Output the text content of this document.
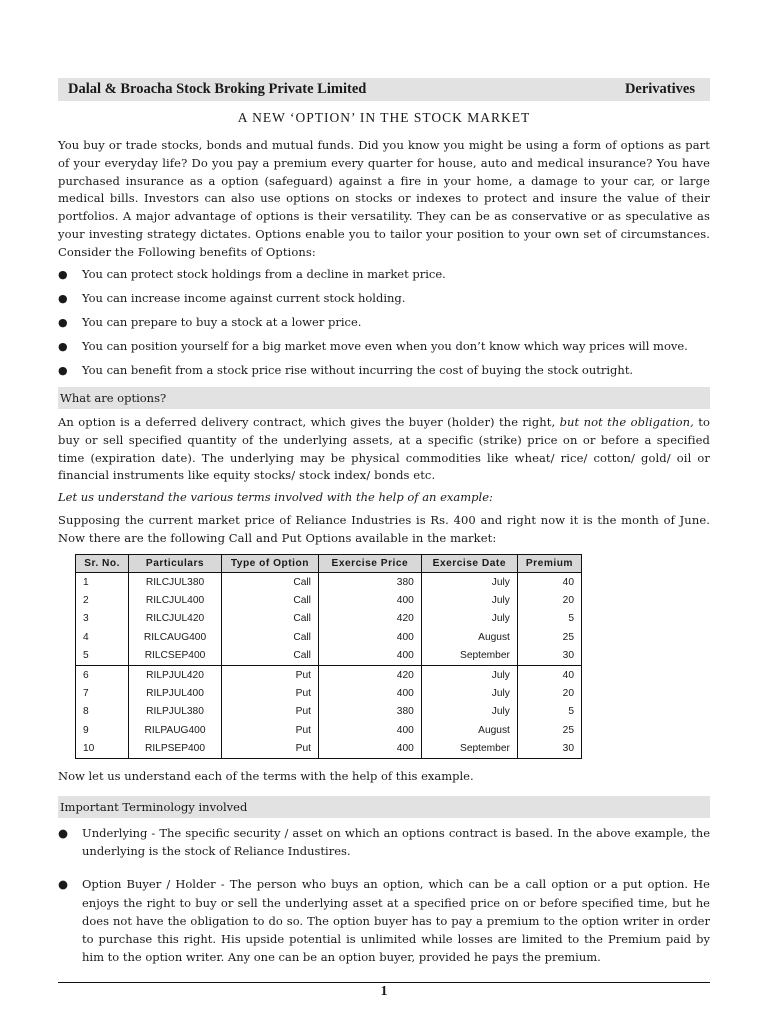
Dalal & Broacha Stock Broking Private Limited	Derivatives
A NEW ‘OPTION’ IN THE STOCK MARKET
You buy or trade stocks, bonds and mutual funds. Did you know you might be using a form of options as part of your everyday life? Do you pay a premium every quarter for house, auto and medical insurance? You have purchased insurance as a option (safeguard) against a fire in your home, a damage to your car, or large medical bills. Investors can also use options on stocks or indexes to protect and insure the value of their portfolios. A major advantage of options is their versatility. They can be as conservative or as speculative as your investing strategy dictates. Options enable you to tailor your position to your own set of circumstances. Consider the Following benefits of Options:
● You can protect stock holdings from a decline in market price.
● You can increase income against current stock holding.
● You can prepare to buy a stock at a lower price.
● You can position yourself for a big market move even when you don’t know which way prices will move.
● You can benefit from a stock price rise without incurring the cost of buying the stock outright.
What are options?
An option is a deferred delivery contract, which gives the buyer (holder) the right, but not the obligation, to buy or sell specified quantity of the underlying assets, at a specific (strike) price on or before a specified time (expiration date). The underlying may be physical commodities like wheat/ rice/ cotton/ gold/ oil or financial instruments like equity stocks/ stock index/ bonds etc.
Let us understand the various terms involved with the help of an example:
Supposing the current market price of Reliance Industries is Rs. 400 and right now it is the month of June. Now there are the following Call and Put Options available in the market:
Sr. No.	Particulars	Type of Option	Exercise Price	Exercise Date	Premium
1	RILCJUL380	Call	380	July	40
2	RILCJUL400	Call	400	July	20
3	RILCJUL420	Call	420	July	5
4	RILCAUG400	Call	400	August	25
5	RILCSEP400	Call	400	September	30
6	RILPJUL420	Put	420	July	40
7	RILPJUL400	Put	400	July	20
8	RILPJUL380	Put	380	July	5
9	RILPAUG400	Put	400	August	25
10	RILPSEP400	Put	400	September	30
Now let us understand each of the terms with the help of this example.
Important Terminology involved
● Underlying - The specific security / asset on which an options contract is based. In the above example, the underlying is the stock of Reliance Industires.
● Option Buyer / Holder - The person who buys an option, which can be a call option or a put option. He enjoys the right to buy or sell the underlying asset at a specified price on or before specified time, but he does not have the obligation to do so. The option buyer has to pay a premium to the option writer in order to purchase this right. His upside potential is unlimited while losses are limited to the Premium paid by him to the option writer. Any one can be an option buyer, provided he pays the premium.
1
